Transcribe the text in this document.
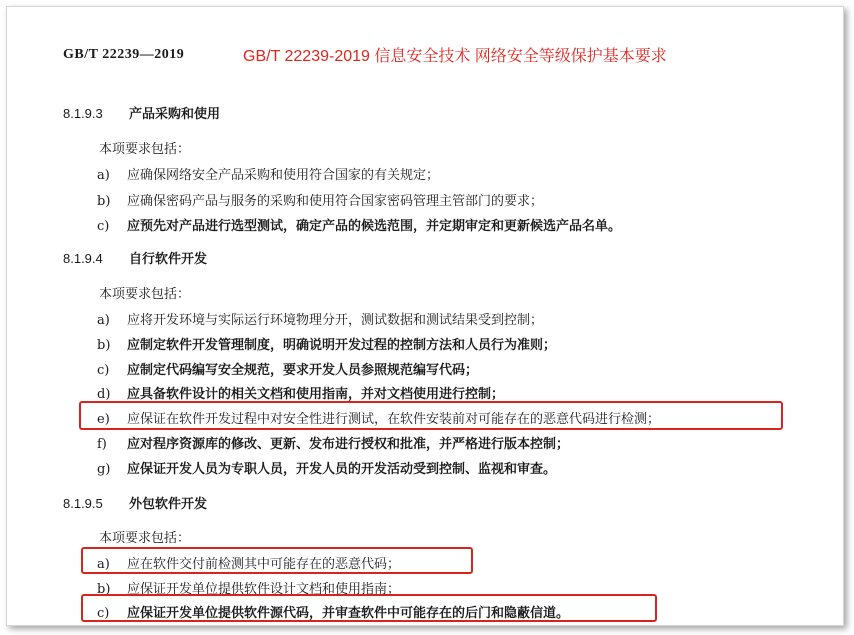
GB/T 22239—2019	GB/T 22239-2019 信息安全技术 网络安全等级保护基本要求
8.1.9.3 产品采购和使用
本项要求包括：
a) 应确保网络安全产品采购和使用符合国家的有关规定；
b) 应确保密码产品与服务的采购和使用符合国家密码管理主管部门的要求；
c) 应预先对产品进行选型测试，确定产品的候选范围，并定期审定和更新候选产品名单。
8.1.9.4 自行软件开发
本项要求包括：
a) 应将开发环境与实际运行环境物理分开，测试数据和测试结果受到控制；
b) 应制定软件开发管理制度，明确说明开发过程的控制方法和人员行为准则；
c) 应制定代码编写安全规范，要求开发人员参照规范编写代码；
d) 应具备软件设计的相关文档和使用指南，并对文档使用进行控制；
e) 应保证在软件开发过程中对安全性进行测试，在软件安装前对可能存在的恶意代码进行检测；
f) 应对程序资源库的修改、更新、发布进行授权和批准，并严格进行版本控制；
g) 应保证开发人员为专职人员，开发人员的开发活动受到控制、监视和审查。
8.1.9.5 外包软件开发
本项要求包括：
a) 应在软件交付前检测其中可能存在的恶意代码；
b) 应保证开发单位提供软件设计文档和使用指南；
c) 应保证开发单位提供软件源代码，并审查软件中可能存在的后门和隐蔽信道。
